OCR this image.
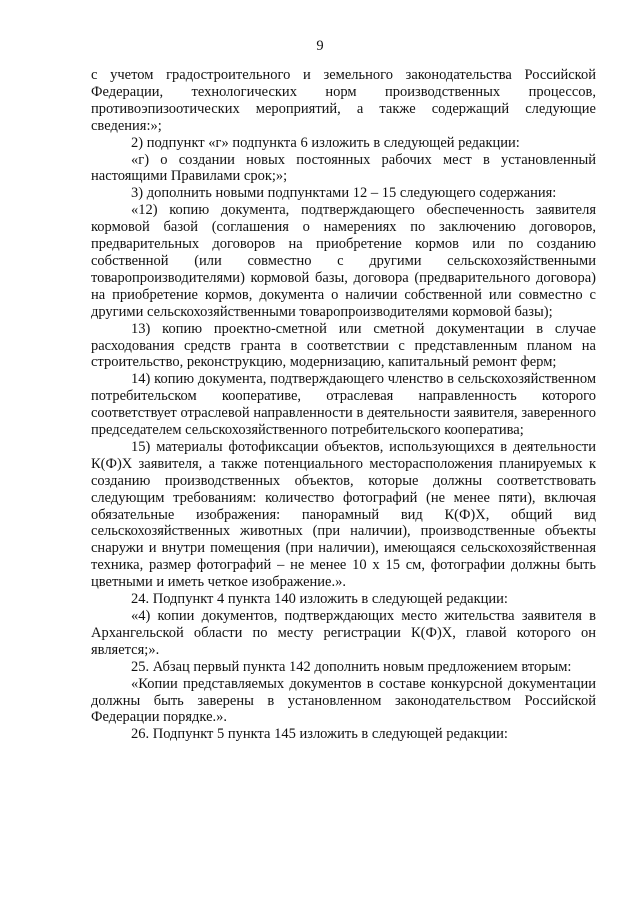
9

с учетом градостроительного и земельного законодательства Российской Федерации, технологических норм производственных процессов, противоэпизоотических мероприятий, а также содержащий следующие сведения:»;

2) подпункт «г» подпункта 6 изложить в следующей редакции:

«г) о создании новых постоянных рабочих мест в установленный настоящими Правилами срок;»;

3) дополнить новыми подпунктами 12 – 15 следующего содержания:

«12) копию документа, подтверждающего обеспеченность заявителя кормовой базой (соглашения о намерениях по заключению договоров, предварительных договоров на приобретение кормов или по созданию собственной (или совместно с другими сельскохозяйственными товаропроизводителями) кормовой базы, договора (предварительного договора) на приобретение кормов, документа о наличии собственной или совместно с другими сельскохозяйственными товаропроизводителями кормовой базы);

13) копию проектно-сметной или сметной документации в случае расходования средств гранта в соответствии с представленным планом на строительство, реконструкцию, модернизацию, капитальный ремонт ферм;

14) копию документа, подтверждающего членство в сельскохозяйственном потребительском кооперативе, отраслевая направленность которого соответствует отраслевой направленности в деятельности заявителя, заверенного председателем сельскохозяйственного потребительского кооператива;

15) материалы фотофиксации объектов, использующихся в деятельности К(Ф)Х заявителя, а также потенциального месторасположения планируемых к созданию производственных объектов, которые должны соответствовать следующим требованиям: количество фотографий (не менее пяти), включая обязательные изображения: панорамный вид К(Ф)Х, общий вид сельскохозяйственных животных (при наличии), производственные объекты снаружи и внутри помещения (при наличии), имеющаяся сельскохозяйственная техника, размер фотографий – не менее 10 x 15 см, фотографии должны быть цветными и иметь четкое изображение.».

24. Подпункт 4 пункта 140 изложить в следующей редакции:

«4) копии документов, подтверждающих место жительства заявителя в Архангельской области по месту регистрации К(Ф)Х, главой которого он является;».

25. Абзац первый пункта 142 дополнить новым предложением вторым:

«Копии представляемых документов в составе конкурсной документации должны быть заверены в установленном законодательством Российской Федерации порядке.».

26. Подпункт 5 пункта 145 изложить в следующей редакции:
